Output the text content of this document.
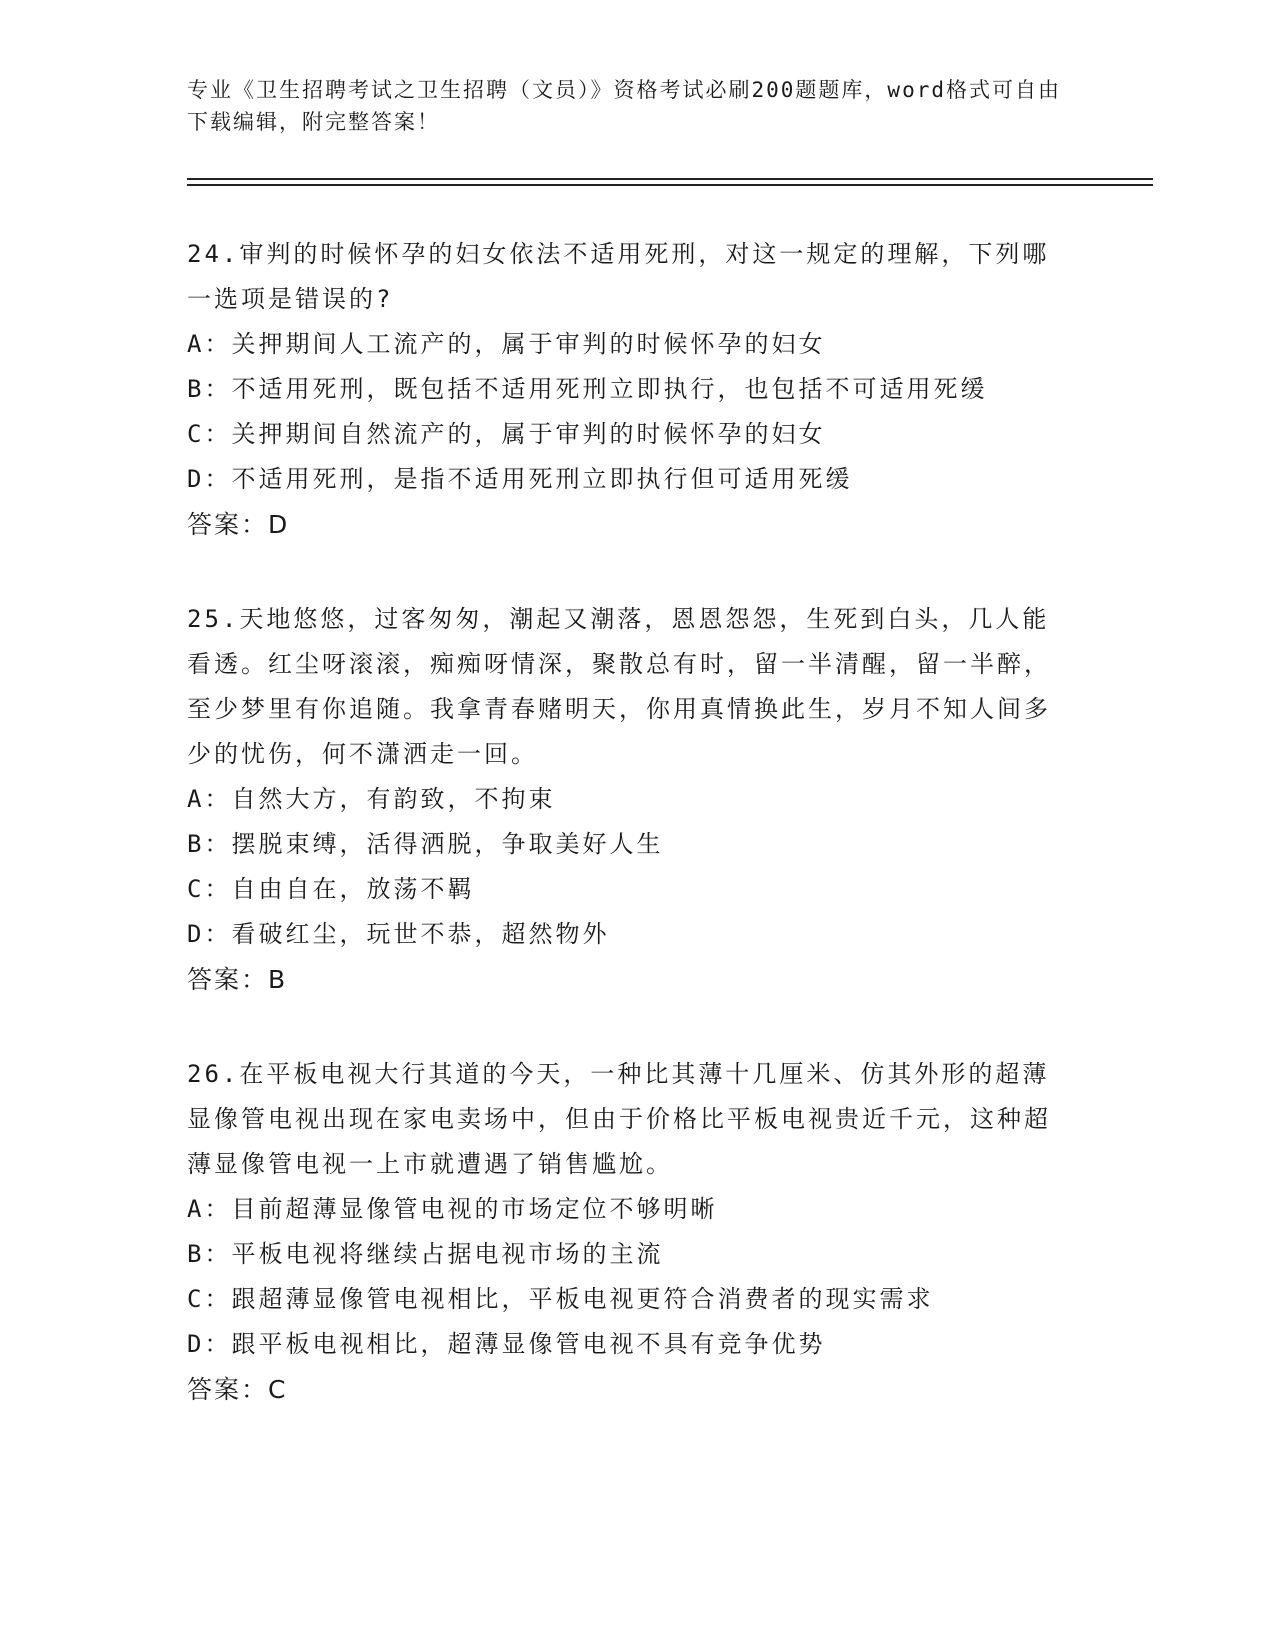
专业《卫生招聘考试之卫生招聘（文员）》资格考试必刷200题题库，word格式可自由下载编辑，附完整答案！
24.审判的时候怀孕的妇女依法不适用死刑，对这一规定的理解，下列哪一选项是错误的?
A：关押期间人工流产的，属于审判的时候怀孕的妇女
B：不适用死刑，既包括不适用死刑立即执行，也包括不可适用死缓
C：关押期间自然流产的，属于审判的时候怀孕的妇女
D：不适用死刑，是指不适用死刑立即执行但可适用死缓
答案：D
25.天地悠悠，过客匆匆，潮起又潮落，恩恩怨怨，生死到白头，几人能看透。红尘呀滚滚，痴痴呀情深，聚散总有时，留一半清醒，留一半醉，至少梦里有你追随。我拿青春赌明天，你用真情换此生，岁月不知人间多少的忧伤，何不潇洒走一回。
A：自然大方，有韵致，不拘束
B：摆脱束缚，活得洒脱，争取美好人生
C：自由自在，放荡不羁
D：看破红尘，玩世不恭，超然物外
答案：B
26.在平板电视大行其道的今天，一种比其薄十几厘米、仿其外形的超薄显像管电视出现在家电卖场中，但由于价格比平板电视贵近千元，这种超薄显像管电视一上市就遭遇了销售尴尬。
A：目前超薄显像管电视的市场定位不够明晰
B：平板电视将继续占据电视市场的主流
C：跟超薄显像管电视相比，平板电视更符合消费者的现实需求
D：跟平板电视相比，超薄显像管电视不具有竞争优势
答案：C
